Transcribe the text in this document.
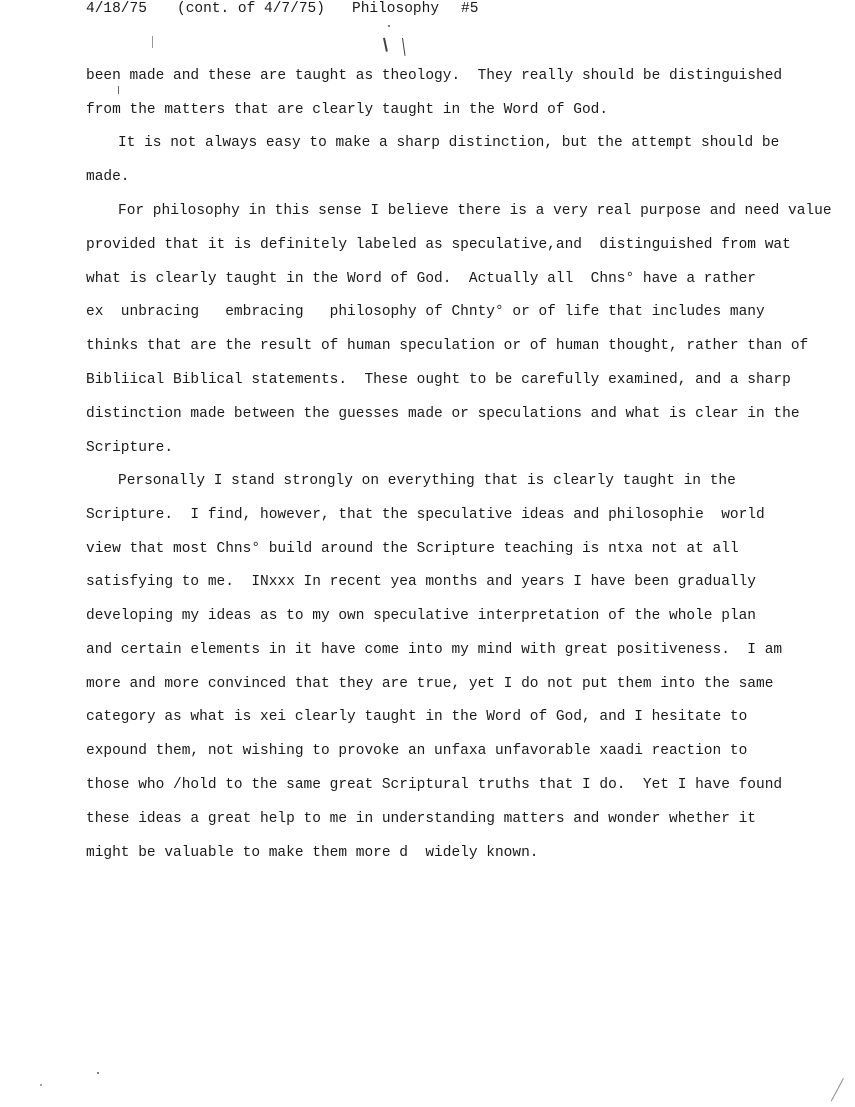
4/18/75

(cont. of 4/7/75)

Philosophy

#5

been made and these are taught as theology.  They really should be distinguished
from the matters that are clearly taught in the Word of God.
It is not always easy to make a sharp distinction, but the attempt should be
made.
For philosophy in this sense I believe there is a very real purpose and need value
provided that it is definitely labeled as speculative,and  distinguished from wat
what is clearly taught in the Word of God.  Actually all  Chns° have a rather
ex  unbracing   embracing   philosophy of Chnty° or of life that includes many
thinks that are the result of human speculation or of human thought, rather than of
Bibliical Biblical statements.  These ought to be carefully examined, and a sharp
distinction made between the guesses made or speculations and what is clear in the
Scripture.
Personally I stand strongly on everything that is clearly taught in the
Scripture.  I find, however, that the speculative ideas and philosophie  world
view that most Chns° build around the Scripture teaching is ntxa not at all
satisfying to me.  INxxx In recent yea months and years I have been gradually
developing my ideas as to my own speculative interpretation of the whole plan
and certain elements in it have come into my mind with great positiveness.  I am
more and more convinced that they are true, yet I do not put them into the same
category as what is xei clearly taught in the Word of God, and I hesitate to
expound them, not wishing to provoke an unfaxa unfavorable xaadi reaction to
those who /hold to the same great Scriptural truths that I do.  Yet I have found
these ideas a great help to me in understanding matters and wonder whether it
might be valuable to make them more d  widely known.
